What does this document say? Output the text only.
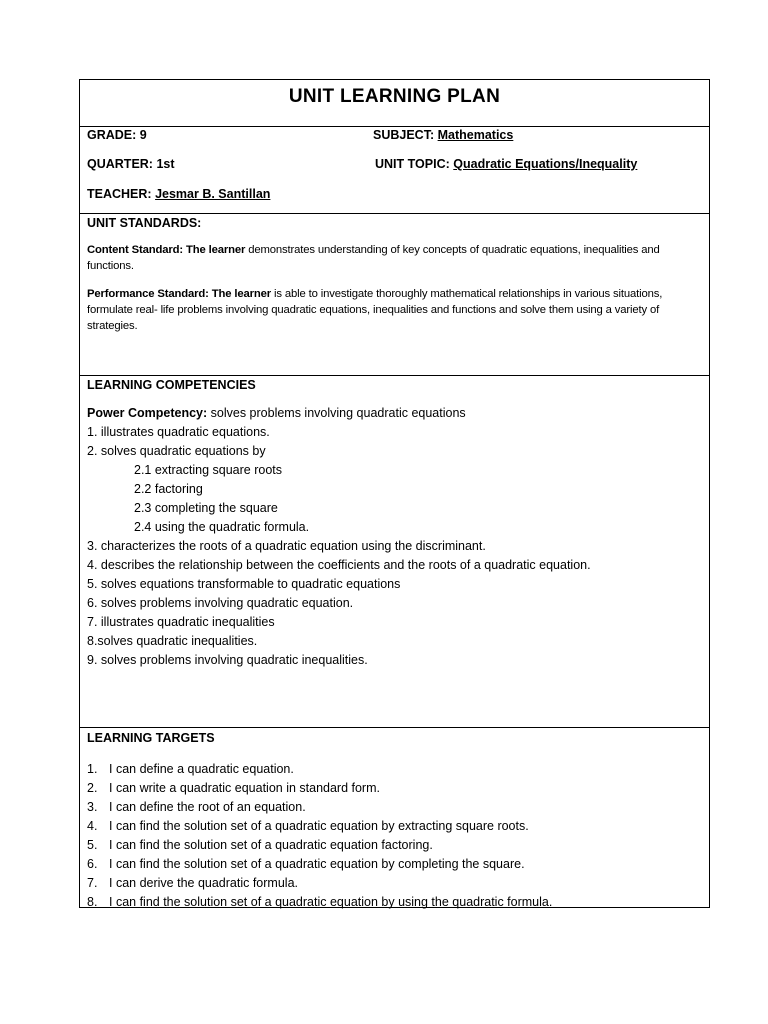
UNIT LEARNING PLAN
GRADE: 9	SUBJECT: Mathematics
QUARTER: 1st	UNIT TOPIC: Quadratic Equations/Inequality
TEACHER: Jesmar B. Santillan
UNIT STANDARDS:
Content Standard: The learner demonstrates understanding of key concepts of quadratic equations, inequalities and functions.
Performance Standard: The learner is able to investigate thoroughly mathematical relationships in various situations, formulate real- life problems involving quadratic equations, inequalities and functions and solve them using a variety of strategies.
LEARNING COMPETENCIES
Power Competency: solves problems involving quadratic equations
1. illustrates quadratic equations.
2. solves quadratic equations by
2.1 extracting square roots
2.2 factoring
2.3 completing the square
2.4 using the quadratic formula.
3. characterizes the roots of a quadratic equation using the discriminant.
4. describes the relationship between the coefficients and the roots of a quadratic equation.
5. solves equations transformable to quadratic equations
6. solves problems involving quadratic equation.
7. illustrates quadratic inequalities
8.solves quadratic inequalities.
9. solves problems involving quadratic inequalities.
LEARNING TARGETS
1. I can define a quadratic equation.
2. I can write a quadratic equation in standard form.
3. I can define the root of an equation.
4. I can find the solution set of a quadratic equation by extracting square roots.
5. I can find the solution set of a quadratic equation factoring.
6. I can find the solution set of a quadratic equation by completing the square.
7. I can derive the quadratic formula.
8. I can find the solution set of a quadratic equation by using the quadratic formula.
